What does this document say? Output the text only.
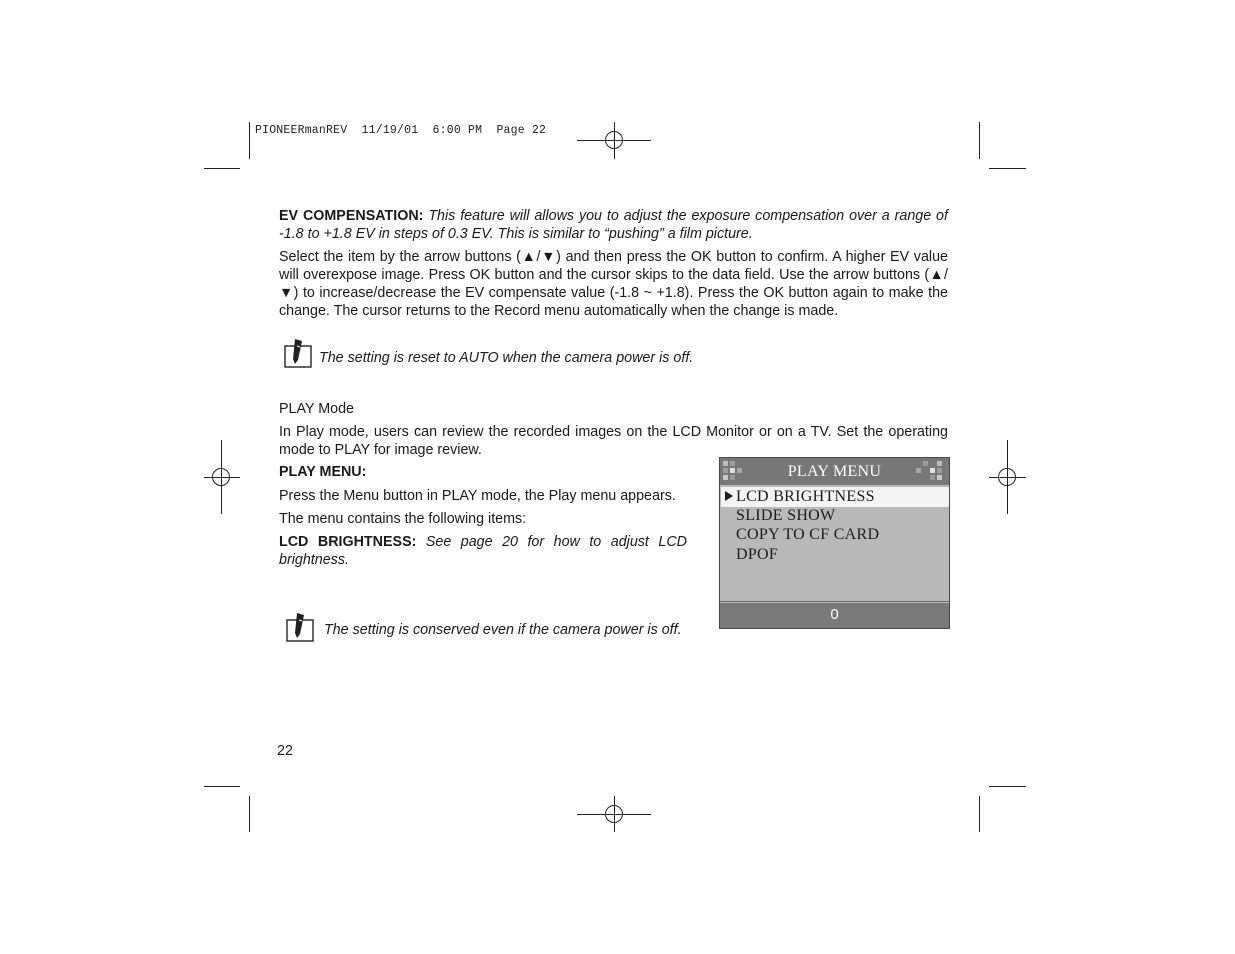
PIONEERmanREV  11/19/01  6:00 PM  Page 22
EV COMPENSATION: This feature will allows you to adjust the exposure compensation over a range of -1.8 to +1.8 EV in steps of 0.3 EV. This is similar to “pushing” a film picture.
Select the item by the arrow buttons (▲/▼) and then press the OK button to confirm. A higher EV value will overexpose image. Press OK button and the cursor skips to the data field. Use the arrow buttons (▲/▼) to increase/decrease the EV compensate value (-1.8 ~ +1.8). Press the OK button again to make the change. The cursor returns to the Record menu automatically when the change is made.
The setting is reset to AUTO when the camera power is off.
PLAY Mode
In Play mode, users can review the recorded images on the LCD Monitor or on a TV. Set the operating mode to PLAY for image review.
PLAY MENU:
Press the Menu button in PLAY mode, the Play menu appears.
The menu contains the following items:
LCD BRIGHTNESS: See page 20 for how to adjust LCD brightness.
The setting is conserved even if the camera power is off.
PLAY MENU
LCD BRIGHTNESS
SLIDE SHOW
COPY TO CF CARD
DPOF
0
22
